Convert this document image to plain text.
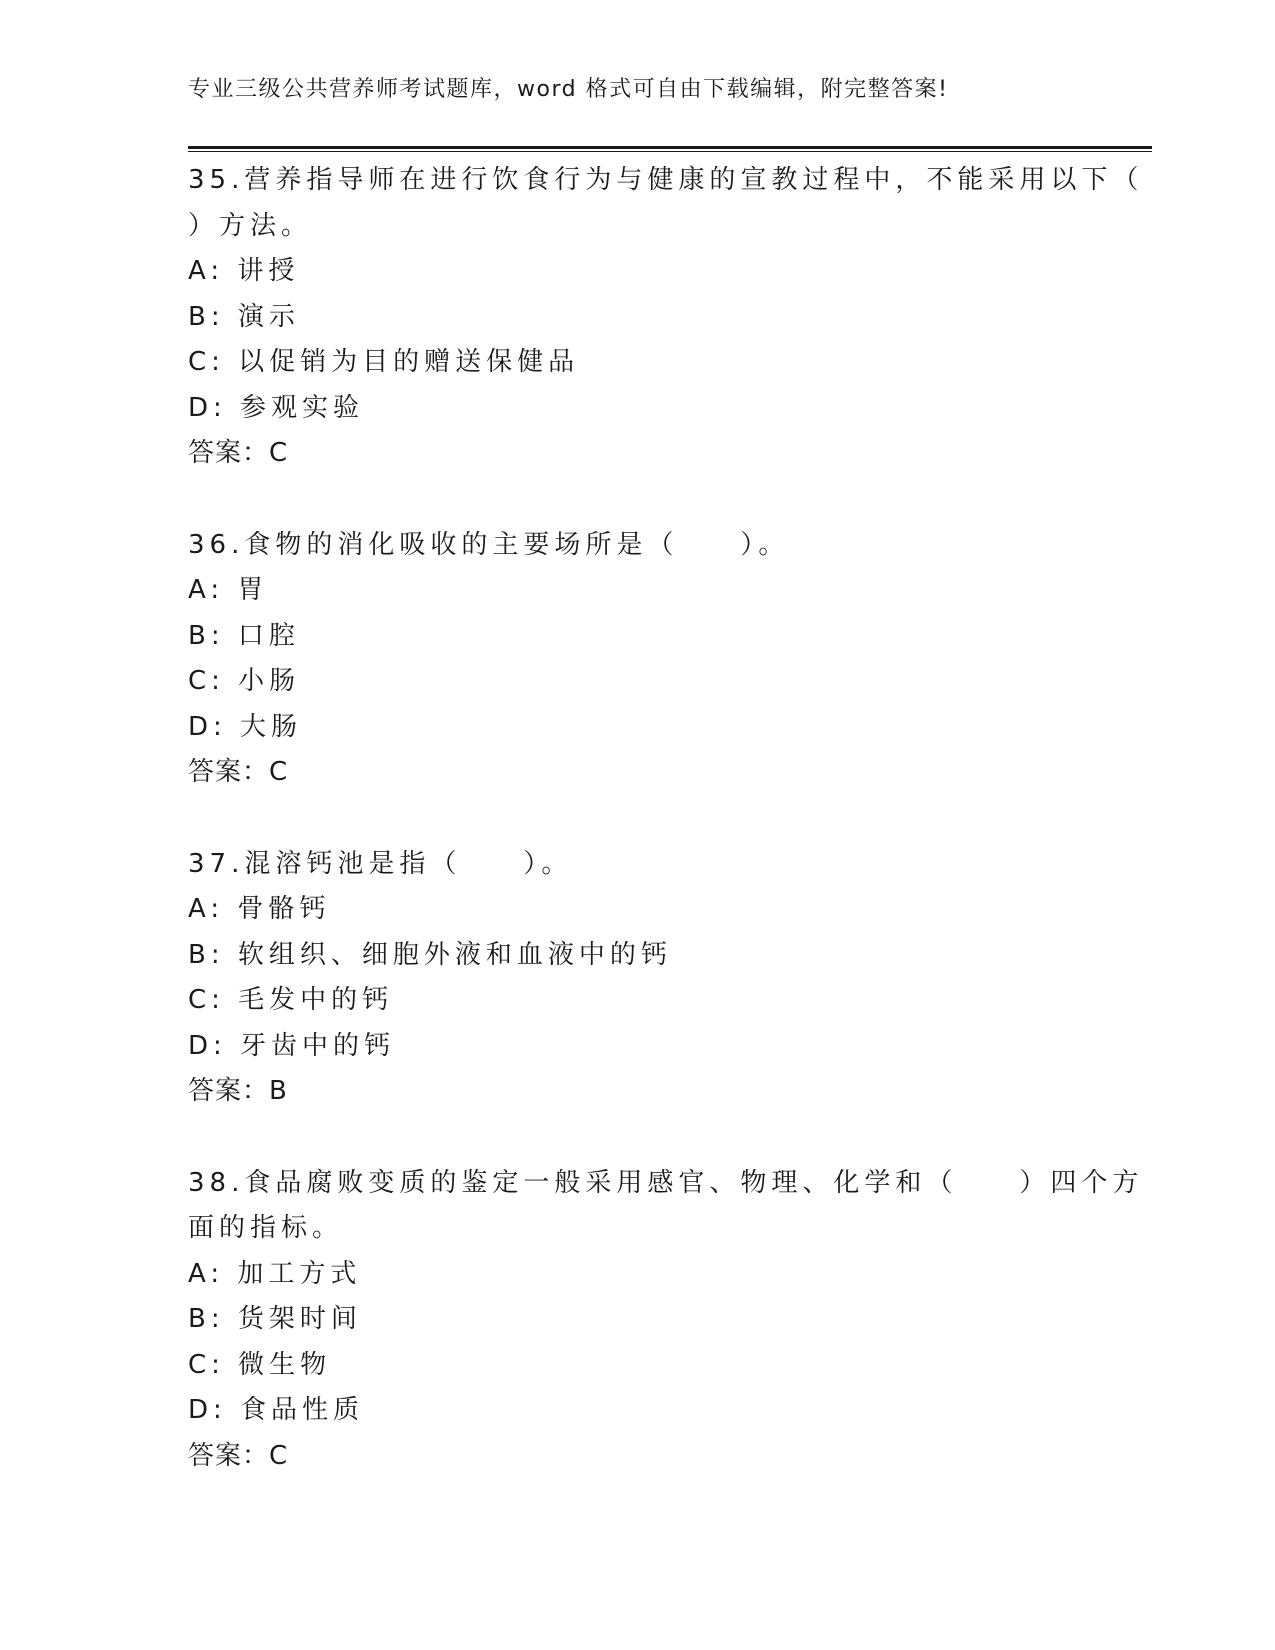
专业三级公共营养师考试题库，word 格式可自由下载编辑，附完整答案!
35.营养指导师在进行饮食行为与健康的宣教过程中，不能采用以下（
）方法。
A: 讲授
B: 演示
C: 以促销为目的赠送保健品
D: 参观实验
答案：C
36.食物的消化吸收的主要场所是（　　）。
A: 胃
B: 口腔
C: 小肠
D: 大肠
答案：C
37.混溶钙池是指（　　）。
A: 骨骼钙
B: 软组织、细胞外液和血液中的钙
C: 毛发中的钙
D: 牙齿中的钙
答案：B
38.食品腐败变质的鉴定一般采用感官、物理、化学和（　　）四个方
面的指标。
A: 加工方式
B: 货架时间
C: 微生物
D: 食品性质
答案：C
